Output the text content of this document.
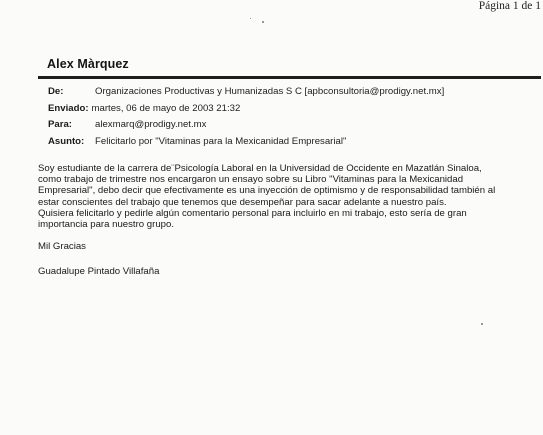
Página 1 de 1
Alex Màrquez
De:	Organizaciones Productivas y Humanizadas S C [apbconsultoria@prodigy.net.mx]
Enviado: martes, 06 de mayo de 2003 21:32
Para:	alexmarq@prodigy.net.mx
Asunto:	Felicitarlo por "Vitaminas para la Mexicanidad Empresarial"

Soy estudiante de la carrera de¨Psicología Laboral en la Universidad de Occidente en Mazatlán Sinaloa,
como trabajo de trimestre nos encargaron un ensayo sobre su Libro "Vitaminas para la Mexicanidad
Empresarial", debo decir que efectivamente es una inyección de optimismo y de responsabilidad también al
estar conscientes del trabajo que tenemos que desempeñar para sacar adelante a nuestro país.
Quisiera felicitarlo y pedirle algún comentario personal para incluirlo en mi trabajo, esto sería de gran
importancia para nuestro grupo.

Mil Gracias

Guadalupe Pintado Villafaña
